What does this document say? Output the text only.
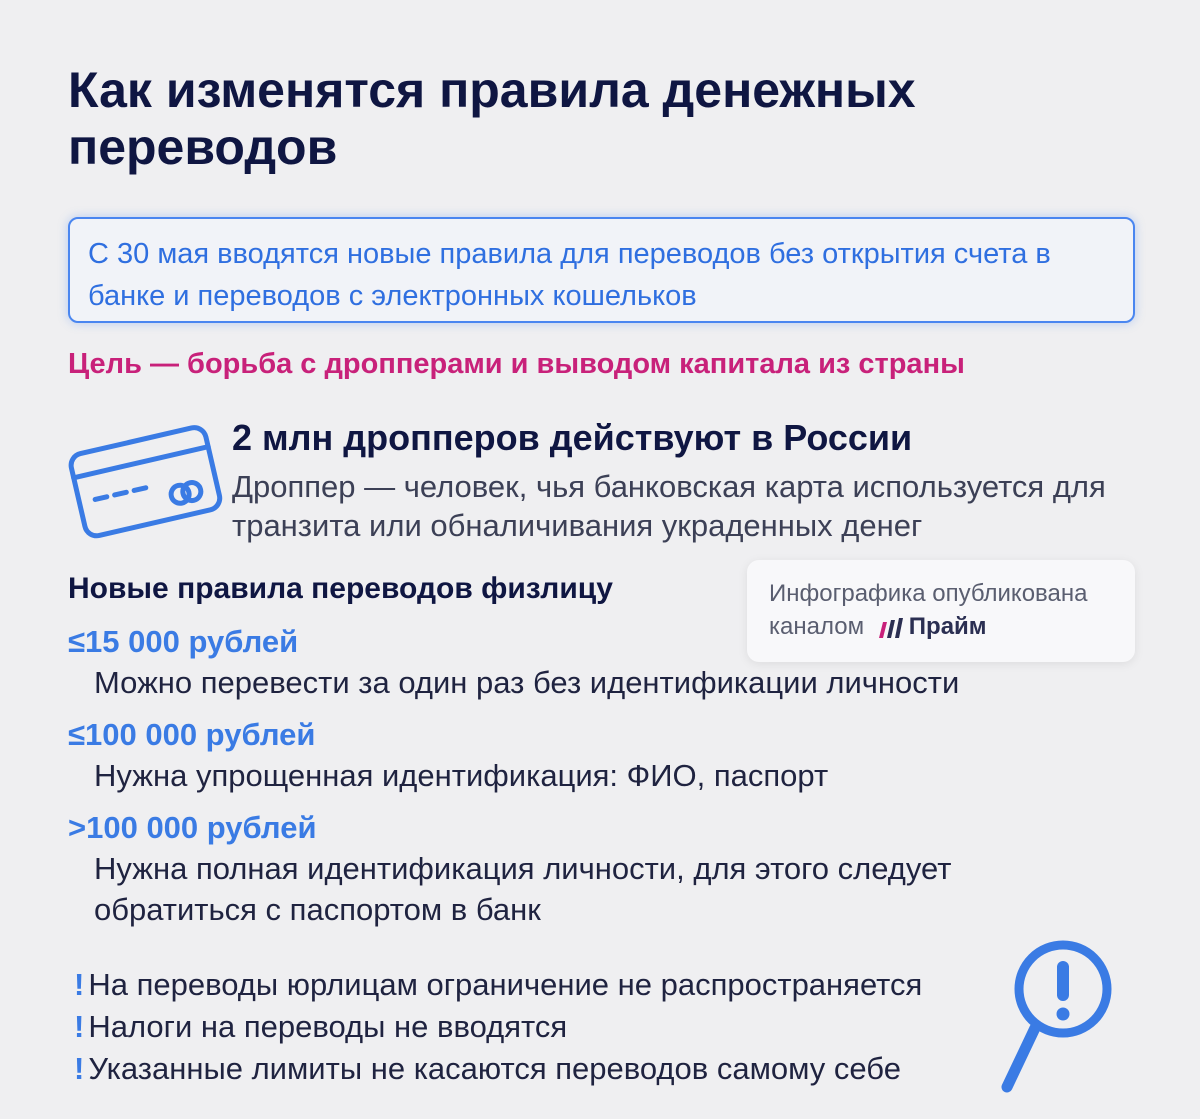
Как изменятся правила денежных переводов

С 30 мая вводятся новые правила для переводов без открытия счета в банке и переводов с электронных кошельков

Цель — борьба с дропперами и выводом капитала из страны
2 млн дропперов действуют в России
Дроппер — человек, чья банковская карта используется для транзита или обналичивания украденных денег
Новые правила переводов физлицу	Инфографика опубликована
каналом Прайм
≤15 000 рублей
Можно перевести за один раз без идентификации личности
≤100 000 рублей
Нужна упрощенная идентификация: ФИО, паспорт
>100 000 рублей
Нужна полная идентификация личности, для этого следует обратиться с паспортом в банк
! На переводы юрлицам ограничение не распространяется
! Налоги на переводы не вводятся
! Указанные лимиты не касаются переводов самому себе
